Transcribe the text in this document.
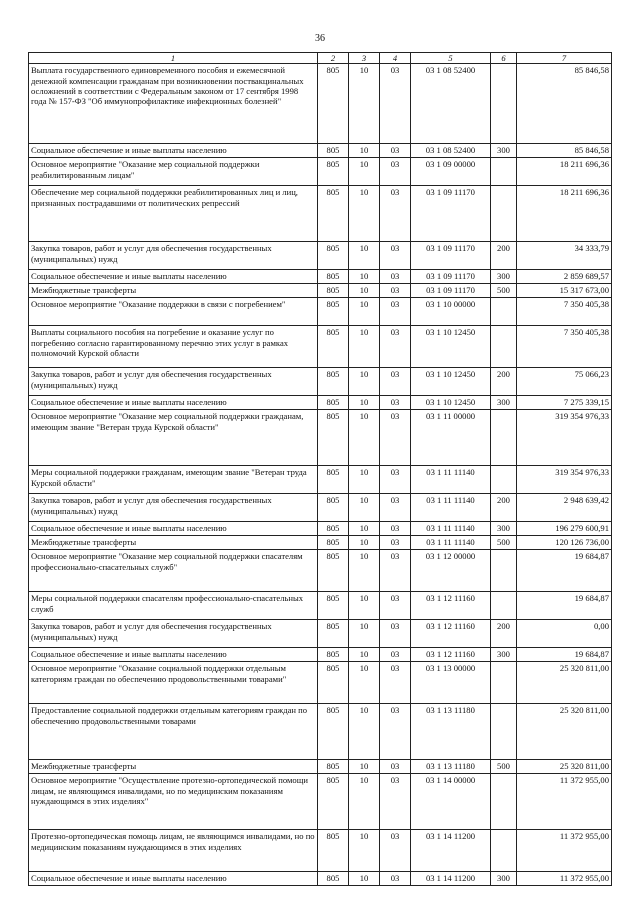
36
1	2	3	4	5	6	7
Выплата государственного единовременного пособия и ежемесячной денежной компенсации гражданам при возникновении поствакцинальных осложнений в соответствии с Федеральным законом от 17 сентября 1998 года № 157-ФЗ "Об иммунопрофилактике инфекционных болезней"	805	10	03	03 1 08 52400		85 846,58
Социальное обеспечение и иные выплаты населению	805	10	03	03 1 08 52400	300	85 846,58
Основное мероприятие "Оказание мер социальной поддержки реабилитированным лицам"	805	10	03	03 1 09 00000		18 211 696,36
Обеспечение мер социальной поддержки реабилитированных лиц и лиц, признанных пострадавшими от политических репрессий	805	10	03	03 1 09 11170		18 211 696,36
Закупка товаров, работ и услуг для обеспечения государственных (муниципальных) нужд	805	10	03	03 1 09 11170	200	34 333,79
Социальное обеспечение и иные выплаты населению	805	10	03	03 1 09 11170	300	2 859 689,57
Межбюджетные трансферты	805	10	03	03 1 09 11170	500	15 317 673,00
Основное мероприятие "Оказание поддержки в связи с погребением"	805	10	03	03 1 10 00000		7 350 405,38
Выплаты социального пособия на погребение и оказание услуг по погребению согласно гарантированному перечню этих услуг в рамках полномочий Курской области	805	10	03	03 1 10 12450		7 350 405,38
Закупка товаров, работ и услуг для обеспечения государственных (муниципальных) нужд	805	10	03	03 1 10 12450	200	75 066,23
Социальное обеспечение и иные выплаты населению	805	10	03	03 1 10 12450	300	7 275 339,15
Основное мероприятие "Оказание мер социальной поддержки гражданам, имеющим звание "Ветеран труда Курской области"	805	10	03	03 1 11 00000		319 354 976,33
Меры социальной поддержки гражданам, имеющим звание "Ветеран труда Курской области"	805	10	03	03 1 11 11140		319 354 976,33
Закупка товаров, работ и услуг для обеспечения государственных (муниципальных) нужд	805	10	03	03 1 11 11140	200	2 948 639,42
Социальное обеспечение и иные выплаты населению	805	10	03	03 1 11 11140	300	196 279 600,91
Межбюджетные трансферты	805	10	03	03 1 11 11140	500	120 126 736,00
Основное мероприятие "Оказание мер социальной поддержки спасателям профессионально-спасательных служб"	805	10	03	03 1 12 00000		19 684,87
Меры социальной поддержки спасателям профессионально-спасательных служб	805	10	03	03 1 12 11160		19 684,87
Закупка товаров, работ и услуг для обеспечения государственных (муниципальных) нужд	805	10	03	03 1 12 11160	200	0,00
Социальное обеспечение и иные выплаты населению	805	10	03	03 1 12 11160	300	19 684,87
Основное мероприятие "Оказание социальной поддержки отдельным категориям граждан по обеспечению продовольственными товарами"	805	10	03	03 1 13 00000		25 320 811,00
Предоставление социальной поддержки отдельным категориям граждан по обеспечению продовольственными товарами	805	10	03	03 1 13 11180		25 320 811,00
Межбюджетные трансферты	805	10	03	03 1 13 11180	500	25 320 811,00
Основное мероприятие "Осуществление протезно-ортопедической помощи лицам, не являющимся инвалидами, но по медицинским показаниям нуждающимся в этих изделиях"	805	10	03	03 1 14 00000		11 372 955,00
Протезно-ортопедическая помощь лицам, не являющимся инвалидами, но по медицинским показаниям нуждающимся в этих изделиях	805	10	03	03 1 14 11200		11 372 955,00
Социальное обеспечение и иные выплаты населению	805	10	03	03 1 14 11200	300	11 372 955,00
